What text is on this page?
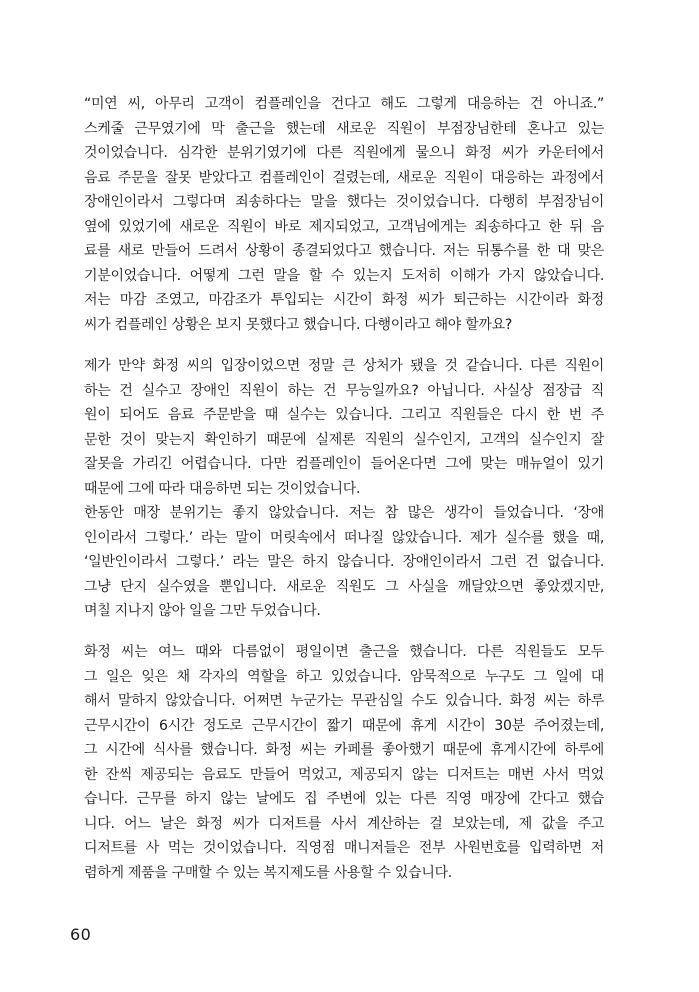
“미연 씨, 아무리 고객이 컴플레인을 건다고 해도 그렇게 대응하는 건 아니죠.”
스케줄 근무였기에 막 출근을 했는데 새로운 직원이 부점장님한테 혼나고 있는
것이었습니다. 심각한 분위기였기에 다른 직원에게 물으니 화정 씨가 카운터에서
음료 주문을 잘못 받았다고 컴플레인이 걸렸는데, 새로운 직원이 대응하는 과정에서
장애인이라서 그렇다며 죄송하다는 말을 했다는 것이었습니다. 다행히 부점장님이
옆에 있었기에 새로운 직원이 바로 제지되었고, 고객님에게는 죄송하다고 한 뒤 음
료를 새로 만들어 드려서 상황이 종결되었다고 했습니다. 저는 뒤통수를 한 대 맞은
기분이었습니다. 어떻게 그런 말을 할 수 있는지 도저히 이해가 가지 않았습니다.
저는 마감 조였고, 마감조가 투입되는 시간이 화정 씨가 퇴근하는 시간이라 화정
씨가 컴플레인 상황은 보지 못했다고 했습니다. 다행이라고 해야 할까요?
제가 만약 화정 씨의 입장이었으면 정말 큰 상처가 됐을 것 같습니다. 다른 직원이
하는 건 실수고 장애인 직원이 하는 건 무능일까요? 아닙니다. 사실상 점장급 직
원이 되어도 음료 주문받을 때 실수는 있습니다. 그리고 직원들은 다시 한 번 주
문한 것이 맞는지 확인하기 때문에 실제론 직원의 실수인지, 고객의 실수인지 잘
잘못을 가리긴 어렵습니다. 다만 컴플레인이 들어온다면 그에 맞는 매뉴얼이 있기
때문에 그에 따라 대응하면 되는 것이었습니다.
한동안 매장 분위기는 좋지 않았습니다. 저는 참 많은 생각이 들었습니다. ‘장애
인이라서 그렇다.’ 라는 말이 머릿속에서 떠나질 않았습니다. 제가 실수를 했을 때,
‘일반인이라서 그렇다.’ 라는 말은 하지 않습니다. 장애인이라서 그런 건 없습니다.
그냥 단지 실수였을 뿐입니다. 새로운 직원도 그 사실을 깨달았으면 좋았겠지만,
며칠 지나지 않아 일을 그만 두었습니다.
화정 씨는 여느 때와 다름없이 평일이면 출근을 했습니다. 다른 직원들도 모두
그 일은 잊은 채 각자의 역할을 하고 있었습니다. 암묵적으로 누구도 그 일에 대
해서 말하지 않았습니다. 어쩌면 누군가는 무관심일 수도 있습니다. 화정 씨는 하루
근무시간이 6시간 정도로 근무시간이 짧기 때문에 휴게 시간이 30분 주어졌는데,
그 시간에 식사를 했습니다. 화정 씨는 카페를 좋아했기 때문에 휴게시간에 하루에
한 잔씩 제공되는 음료도 만들어 먹었고, 제공되지 않는 디저트는 매번 사서 먹었
습니다. 근무를 하지 않는 날에도 집 주변에 있는 다른 직영 매장에 간다고 했습
니다. 어느 날은 화정 씨가 디저트를 사서 계산하는 걸 보았는데, 제 값을 주고
디저트를 사 먹는 것이었습니다. 직영점 매니저들은 전부 사원번호를 입력하면 저
렴하게 제품을 구매할 수 있는 복지제도를 사용할 수 있습니다.
60
